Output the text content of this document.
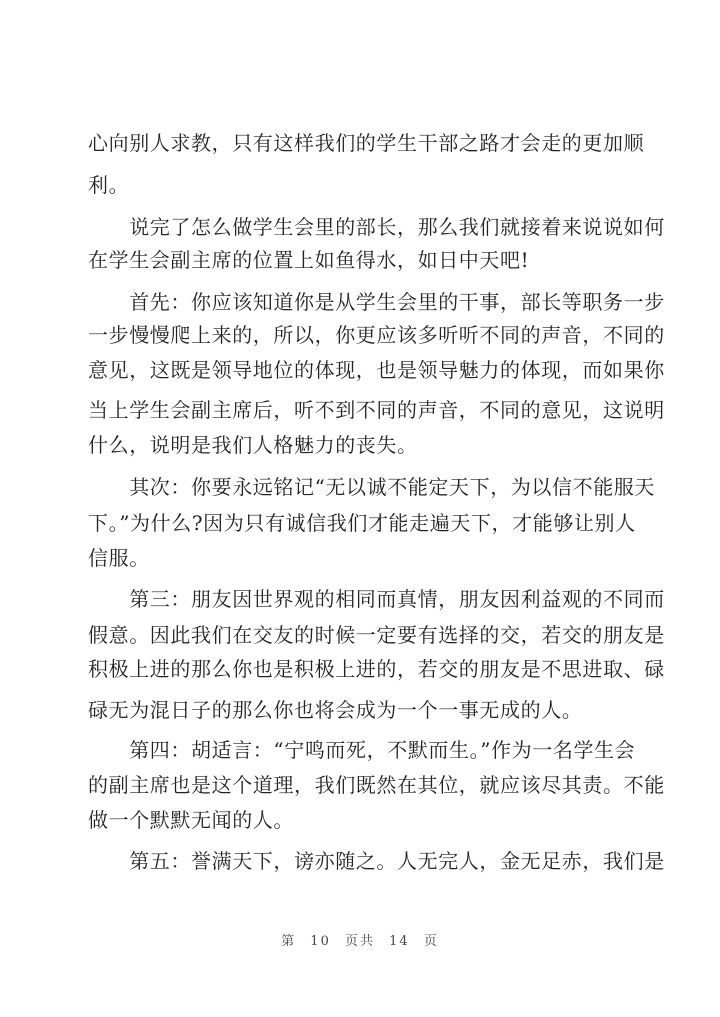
心向别人求教，只有这样我们的学生干部之路才会走的更加顺
利。
　　说完了怎么做学生会里的部长，那么我们就接着来说说如何
在学生会副主席的位置上如鱼得水，如日中天吧!
　　首先：你应该知道你是从学生会里的干事，部长等职务一步
一步慢慢爬上来的，所以，你更应该多听听不同的声音，不同的
意见，这既是领导地位的体现，也是领导魅力的体现，而如果你
当上学生会副主席后，听不到不同的声音，不同的意见，这说明
什么，说明是我们人格魅力的丧失。
　　其次：你要永远铭记“无以诚不能定天下，为以信不能服天
下。”为什么?因为只有诚信我们才能走遍天下，才能够让别人
信服。
　　第三：朋友因世界观的相同而真情，朋友因利益观的不同而
假意。因此我们在交友的时候一定要有选择的交，若交的朋友是
积极上进的那么你也是积极上进的，若交的朋友是不思进取、碌
碌无为混日子的那么你也将会成为一个一事无成的人。
　　第四：胡适言：“宁鸣而死，不默而生。”作为一名学生会
的副主席也是这个道理，我们既然在其位，就应该尽其责。不能
做一个默默无闻的人。
　　第五：誉满天下，谤亦随之。人无完人，金无足赤，我们是
第 10 页共 14 页
